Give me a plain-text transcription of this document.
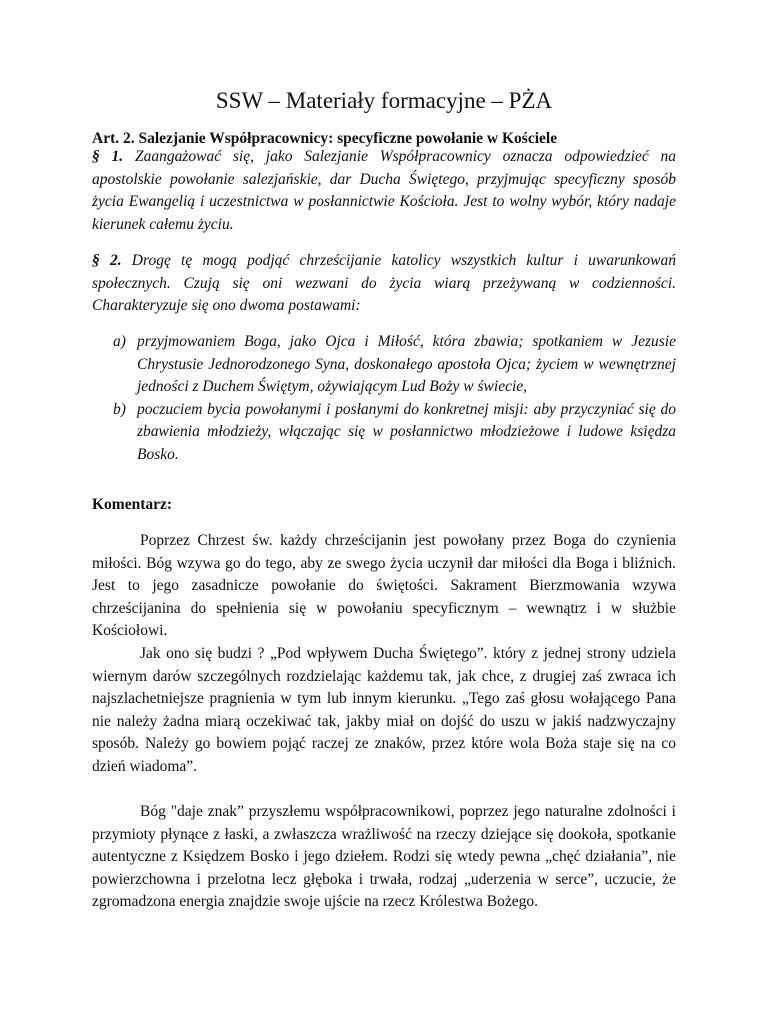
SSW – Materiały formacyjne – PŻA
Art. 2. Salezjanie Współpracownicy: specyficzne powołanie w Kościele

§ 1. Zaangażować się, jako Salezjanie Współpracownicy oznacza odpowiedzieć na apostolskie powołanie salezjańskie, dar Ducha Świętego, przyjmując specyficzny sposób życia Ewangelią i uczestnictwa w posłannictwie Kościoła. Jest to wolny wybór, który nadaje kierunek całemu życiu.

§ 2. Drogę tę mogą podjąć chrześcijanie katolicy wszystkich kultur i uwarunkowań społecznych. Czują się oni wezwani do życia wiarą przeżywaną w codzienności. Charakteryzuje się ono dwoma postawami:

a) przyjmowaniem Boga, jako Ojca i Miłość, która zbawia; spotkaniem w Jezusie Chrystusie Jednorodzonego Syna, doskonałego apostoła Ojca; życiem w wewnętrznej jedności z Duchem Świętym, ożywiającym Lud Boży w świecie,
b) poczuciem bycia powołanymi i posłanymi do konkretnej misji: aby przyczyniać się do zbawienia młodzieży, włączając się w posłannictwo młodzieżowe i ludowe księdza Bosko.
Komentarz:

Poprzez Chrzest św. każdy chrześcijanin jest powołany przez Boga do czynienia miłości. Bóg wzywa go do tego, aby ze swego życia uczynił dar miłości dla Boga i bliźnich. Jest to jego zasadnicze powołanie do świętości. Sakrament Bierzmowania wzywa chrześcijanina do spełnienia się w powołaniu specyficznym – wewnątrz i w służbie Kościołowi.

Jak ono się budzi ? „Pod wpływem Ducha Świętego”. który z jednej strony udziela wiernym darów szczególnych rozdzielając każdemu tak, jak chce, z drugiej zaś zwraca ich najszlachetniejsze pragnienia w tym lub innym kierunku. „Tego zaś głosu wołającego Pana nie należy żadna miarą oczekiwać tak, jakby miał on dojść do uszu w jakiś nadzwyczajny sposób. Należy go bowiem pojąć raczej ze znaków, przez które wola Boża staje się na co dzień wiadoma”.

Bóg "daje znak” przyszłemu współpracownikowi, poprzez jego naturalne zdolności i przymioty płynące z łaski, a zwłaszcza wrażliwość na rzeczy dziejące się dookoła, spotkanie autentyczne z Księdzem Bosko i jego dziełem. Rodzi się wtedy pewna „chęć działania”, nie powierzchowna i przelotna lecz głęboka i trwała, rodzaj „uderzenia w serce”, uczucie, że zgromadzona energia znajdzie swoje ujście na rzecz Królestwa Bożego.
